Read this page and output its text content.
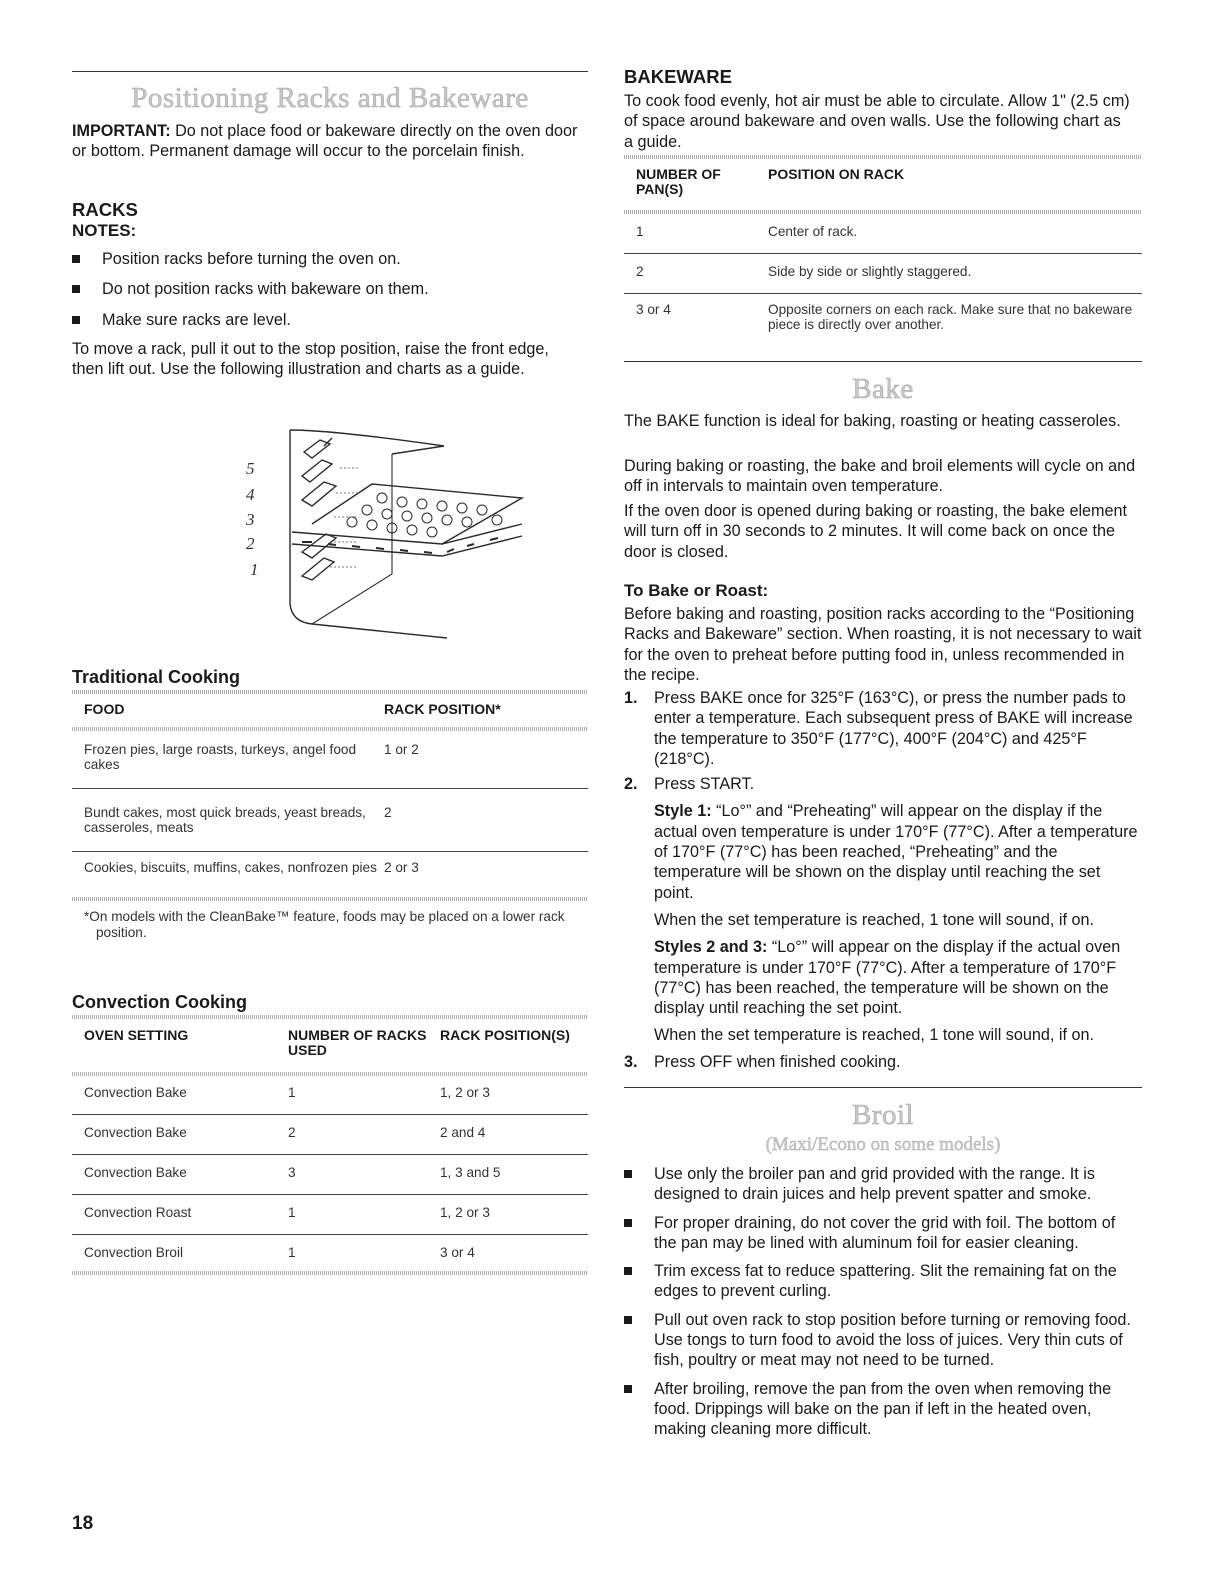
Positioning Racks and Bakeware

IMPORTANT: Do not place food or bakeware directly on the oven door or bottom. Permanent damage will occur to the porcelain finish.

RACKS
NOTES:
Position racks before turning the oven on.
Do not position racks with bakeware on them.
Make sure racks are level.

To move a rack, pull it out to the stop position, raise the front edge, then lift out. Use the following illustration and charts as a guide.

5
4
3
2
1
Traditional Cooking
FOOD	RACK POSITION*
Frozen pies, large roasts, turkeys, angel food cakes	1 or 2
Bundt cakes, most quick breads, yeast breads, casseroles, meats	2
Cookies, biscuits, muffins, cakes, nonfrozen pies	2 or 3
*On models with the CleanBake™ feature, foods may be placed on a lower rack position.
Convection Cooking
OVEN SETTING	NUMBER OF RACKS USED	RACK POSITION(S)
Convection Bake	1	1, 2 or 3
Convection Bake	2	2 and 4
Convection Bake	3	1, 3 and 5
Convection Roast	1	1, 2 or 3
Convection Broil	1	3 or 4
BAKEWARE

To cook food evenly, hot air must be able to circulate. Allow 1" (2.5 cm) of space around bakeware and oven walls. Use the following chart as a guide.

NUMBER OF PAN(S)	POSITION ON RACK
1	Center of rack.
2	Side by side or slightly staggered.
3 or 4	Opposite corners on each rack. Make sure that no bakeware piece is directly over another.
Bake

The BAKE function is ideal for baking, roasting or heating casseroles.

During baking or roasting, the bake and broil elements will cycle on and off in intervals to maintain oven temperature.

If the oven door is opened during baking or roasting, the bake element will turn off in 30 seconds to 2 minutes. It will come back on once the door is closed.

To Bake or Roast:

Before baking and roasting, position racks according to the “Positioning Racks and Bakeware” section. When roasting, it is not necessary to wait for the oven to preheat before putting food in, unless recommended in the recipe.

1. Press BAKE once for 325°F (163°C), or press the number pads to enter a temperature. Each subsequent press of BAKE will increase the temperature to 350°F (177°C), 400°F (204°C) and 425°F (218°C).

2. Press START.

Style 1: “Lo°” and “Preheating” will appear on the display if the actual oven temperature is under 170°F (77°C). After a temperature of 170°F (77°C) has been reached, “Preheating” and the temperature will be shown on the display until reaching the set point.

When the set temperature is reached, 1 tone will sound, if on.

Styles 2 and 3: “Lo°” will appear on the display if the actual oven temperature is under 170°F (77°C). After a temperature of 170°F (77°C) has been reached, the temperature will be shown on the display until reaching the set point.

When the set temperature is reached, 1 tone will sound, if on.

3. Press OFF when finished cooking.

Broil
(Maxi/Econo on some models)
Use only the broiler pan and grid provided with the range. It is designed to drain juices and help prevent spatter and smoke.
For proper draining, do not cover the grid with foil. The bottom of the pan may be lined with aluminum foil for easier cleaning.
Trim excess fat to reduce spattering. Slit the remaining fat on the edges to prevent curling.
Pull out oven rack to stop position before turning or removing food. Use tongs to turn food to avoid the loss of juices. Very thin cuts of fish, poultry or meat may not need to be turned.
After broiling, remove the pan from the oven when removing the food. Drippings will bake on the pan if left in the heated oven, making cleaning more difficult.
18
